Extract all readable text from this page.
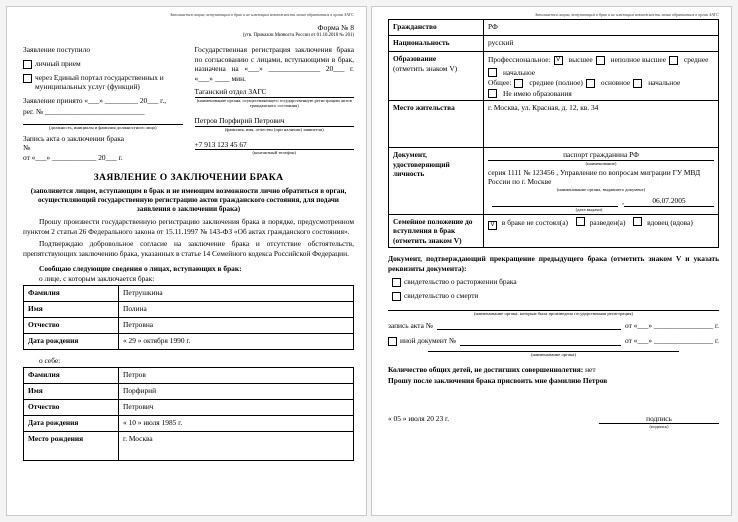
Заполняется лицом, вступающим в брак и не имеющим возможности лично обратиться в орган ЗАГС
Форма № 8
(утв. Приказом Минюста России от 01.10.2018 № 201)

Заявление поступило

личный прием
через Единый портал государственных и муниципальных услуг (функций)

Заявление принято «___» _________ 20___ г.,

рег. № ___________________________

(должность, инициалы и фамилия должностного лица)

Запись акта о заключении брака

№

от «___» ____________ 20___ г.

Государственная регистрация заключения брака по согласованию с лицами, вступающими в брак, назначена на «___» ______________ 20___ г. «___» ____ мин.

Таганский отдел ЗАГС
(наименование органа, осуществляющего государственную регистрацию актов гражданского состояния)
Петров Порфирий Петрович
(фамилия, имя, отчество (при наличии) заявителя)
+7 913 123 45 67
(контактный телефон)
ЗАЯВЛЕНИЕ О ЗАКЛЮЧЕНИИ БРАКА
(заполняется лицом, вступающим в брак и не имеющим возможности лично обратиться в орган, осуществляющий государственную регистрацию актов гражданского состояния, для подачи заявления о заключении брака)

Прошу произвести государственную регистрацию заключения брака в порядке, предусмотренном пунктом 2 статьи 26 Федерального закона от 15.11.1997 № 143-ФЗ «Об актах гражданского состояния».

Подтверждаю добровольное согласие на заключение брака и отсутствие обстоятельств, препятствующих заключению брака, указанных в статье 14 Семейного кодекса Российской Федерации.

Сообщаю следующие сведения о лицах, вступающих в брак:

о лице, с которым заключается брак:

Фамилия	Петрушкина
Имя	Полина
Отчество	Петровна
Дата рождения	« 29 » октября 1990 г.

о себе:

Фамилия	Петров
Имя	Порфирий
Отчество	Петрович
Дата рождения	« 10 » июля 1985 г.
Место рождения	г. Москва
Заполняется лицом, вступающим в брак и не имеющим возможности лично обратиться в орган ЗАГС
Гражданство	РФ
Национальность	русский

Образование
(отметить знаком V)

Профессиональное: V	высшее неполное высшее среднее
начальное
Общее: среднее (полное) основное начальное
Не имею образования

Место жительства	г. Москва, ул. Красная, д. 12, кв. 34
Документ, удостоверяющий личность	
паспорт гражданина РФ
(наименование)
серия 1111 № 123456 , Управление по вопросам миграции ГУ МВД России по г. Москве
(наименование органа, выдавшего документ)
,	06.07.2005
(дата выдачи)

Семейное положение до вступления в брак (отметить знаком V)	V в браке не состоял(а) разведен(а) вдовец (вдова)

Документ, подтверждающий прекращение предыдущего брака (отметить знаком V и указать реквизиты документа):

свидетельство о расторжении брака
свидетельство о смерти
(наименование органа, которым была произведена государственная регистрация)
запись акта №	от «___» ________________ г.
иной документ №	от «___» ________________ г.
(наименование органа)

Количество общих детей, не достигших совершеннолетия: нет

Прошу после заключения брака присвоить мне фамилию Петров

« 05 » июля 20 23 г.	подпись
(подпись)
